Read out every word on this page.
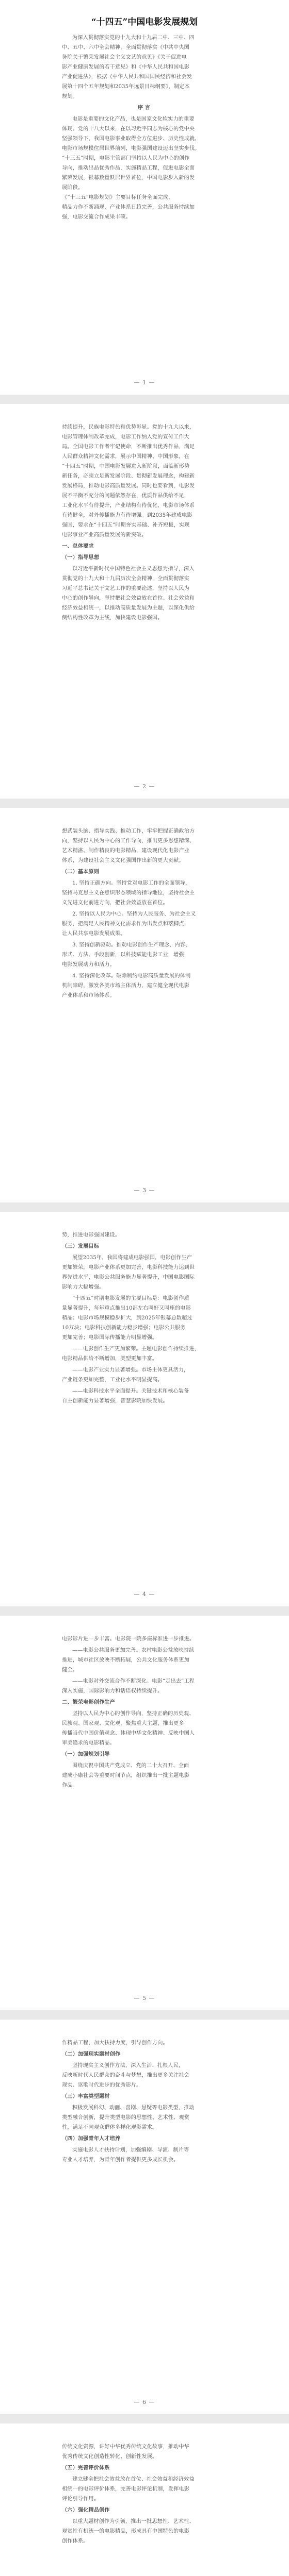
“十四五”中国电影发展规划

为深入贯彻落实党的十九大和十九届二中、三中、四

中、五中、六中全会精神，全面贯彻落实《中共中央国

务院关于繁荣发展社会主义文艺的意见》《关于促进电

影产业健康发展的若干意见》和《中华人民共和国电影

产业促进法》，根据《中华人民共和国国民经济和社会发

展第十四个五年规划和2035年远景目标纲要》，制定本

规划。

序 言

电影是重要的文化产品，也是国家文化软实力的重要

体现。党的十八大以来，在以习近平同志为核心的党中央

坚强领导下，我国电影事业取得全方位进步、历史性成就，

电影市场规模位居世界前列，电影强国建设迈出坚实步伐。

“十三五”时期，电影主管部门坚持以人民为中心的创作

导向，推动出品优秀作品，实施精品工程，促进电影全面

繁荣发展，银幕数量跃居世界首位，中国电影步入新的发

展阶段。

《“十三五”电影规划》主要目标任务全面完成，

精品力作不断涌现，产业体系日趋完善，公共服务持续加

强，电影交流合作成果丰硕。

— 1 —

持续提升，民族电影特色和优势彰显。党的十九大以来，

电影管理体制改革完成，电影工作纳入党的宣传工作大

局。全国电影工作者牢记使命，不断推出优秀作品，满足

人民群众精神文化需求，展示中国精神、中国形象，在

“十四五”时期，中国电影发展进入新阶段，面临新形势

新任务，必须立足新发展阶段、贯彻新发展理念，构建新

发展格局，推动电影高质量发展。同时也要看到，电影发

展不平衡不充分的问题依然存在，优质作品供给不足，

工业化水平有待提升，产业结构有待优化，电影市场体系

有待健全，对外传播能力有待增强。到2035年建成电影

强国，要求在“十四五”时期夯实基础、补齐短板，实现

电影事业产业高质量发展的新突破。

一、总体要求

（一）指导思想

以习近平新时代中国特色社会主义思想为指导，深入

贯彻党的十九大和十九届历次全会精神，全面贯彻落实

习近平总书记关于文艺工作的重要论述，坚持以人民为

中心的创作导向，坚持把社会效益放在首位、社会效益和

经济效益相统一，以推动高质量发展为主题，以深化供给

侧结构性改革为主线，加快建设电影强国。

— 2 —

想武装头脑、指导实践、推动工作，牢牢把握正确政治方

向，坚持以人民为中心的工作导向，推出更多思想精深、

艺术精湛、制作精良的电影精品，建设现代化电影产业

体系，为建设社会主义文化强国作出新的更大贡献。

（二）基本原则

1. 坚持正确方向。坚持党对电影工作的全面领导，

坚持马克思主义在意识形态领域的指导地位，坚持社会主

义先进文化前进方向，把社会效益放在首位。

2. 坚持以人民为中心。坚持为人民服务、为社会主义

服务，把满足人民精神文化需求作为出发点和落脚点，

让人民共享电影发展成果。

3. 坚持创新驱动。推动电影创作生产理念、内容、

形式、方法、手段创新，以科技赋能电影工业，增强

电影发展动力和活力。

4. 坚持深化改革。破除制约电影高质量发展的体制

机制障碍，激发各类市场主体活力，建立健全现代电影

产业体系和市场体系。

— 3 —

势，推进电影强国建设。

（三）发展目标

展望2035年，我国将建成电影强国，电影创作生产

更加繁荣，电影产业体系更加完善，电影科技能力达到世

界先进水平，电影公共服务能力显著提升，中国电影国际

影响力大幅增强。

“十四五”时期电影发展的主要目标是：电影创作质

量显著提升，每年重点推出10部左右叫好又叫座的电影

精品；电影市场规模稳步扩大，到2025年银幕总数超过

10万块；电影科技创新能力稳步增强；电影公共服务

更加完善；电影国际传播能力明显增强。

——电影创作生产更加繁荣。主题电影创作持续推进，

电影精品供给不断增加，类型更加丰富。

——电影产业实力显著增强。市场主体更具活力，

产业链条更加完整，工业化水平明显提高。

——电影科技水平全面提升。关键技术和核心装备

自主创新能力显著增强，智慧影院加快发展。

— 4 —

电影影片进一步丰富。电影院一院多座标准进一步推进。

——电影公共服务更加完善。农村电影公益放映持续

推进，城市社区放映不断拓展，公共文化服务体系更加

健全。

——电影对外交流合作不断深化。电影“走出去”工程

深入实施，国际影响力和话语权持续提升。

二、繁荣电影创作生产

坚持以人民为中心的创作导向，坚持正确的历史观、

民族观、国家观、文化观，聚焦重大主题，推出更多

传播当代中国价值观念、体现中华文化精神、反映中国人

审美追求的电影精品。

（一）加强规划引导

围绕庆祝中国共产党成立、党的二十大召开、全面

建成小康社会等重要时间节点，组织推出一批主题电影

作品。

— 5 —

作精品工程，加大扶持力度，引导创作方向。

（二）加强现实题材创作

坚持现实主义创作方法，深入生活、扎根人民，

反映新时代人民群众的奋斗与梦想，推出更多关注社会

现实、讴歌时代进步的优秀影片。

（三）丰富类型题材

积极发展科幻、动画、喜剧、悬疑等电影类型，推动

类型融合创新，提升类型电影的思想性、艺术性、观赏

性，满足不同观众群体多样化观影需求。

（四）加强青年人才培养

实施电影人才扶持计划，加强编剧、导演、制片等

专业人才培养，为青年创作者提供更多成长机会。

— 6 —

传统文化资源，讲好中华优秀传统文化故事，推动中华

优秀传统文化创造性转化、创新性发展。

（五）完善评价体系

建立健全把社会效益放在首位、社会效益和经济效益

相统一的电影评价体系，完善电影评论机制，发挥电影

评论引导作用。

（六）强化精品创作

以重大题材创作为引领，推出一批思想性、艺术性、

观赏性有机统一的电影精品，形成具有中国特色的电影

创作体系。
